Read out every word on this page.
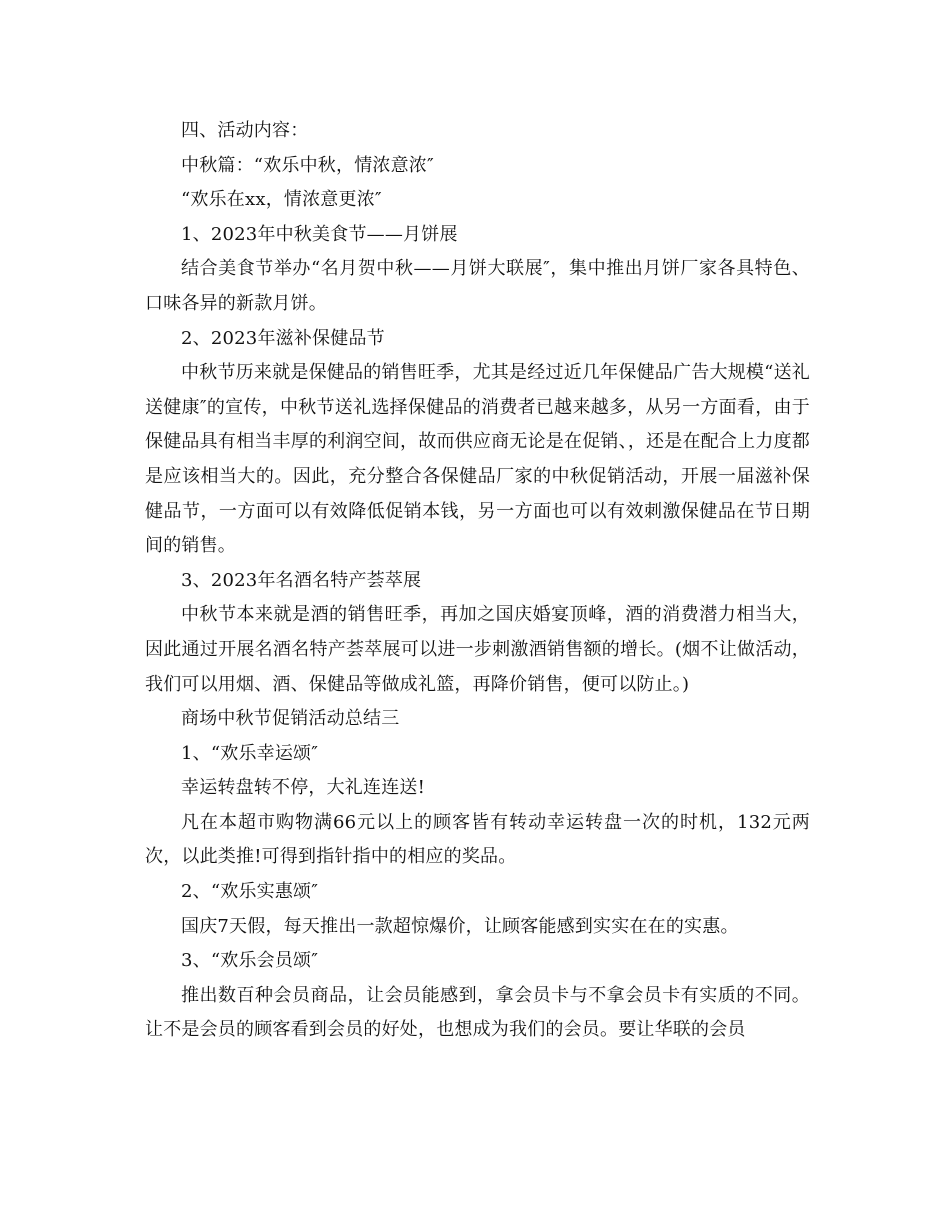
四、活动内容：
中秋篇：“欢乐中秋，情浓意浓″
“欢乐在xx，情浓意更浓″
1、2023年中秋美食节——月饼展
结合美食节举办“名月贺中秋——月饼大联展″，集中推出月饼厂家各具特色、口味各异的新款月饼。
2、2023年滋补保健品节
中秋节历来就是保健品的销售旺季，尤其是经过近几年保健品广告大规模“送礼送健康″的宣传，中秋节送礼选择保健品的消费者已越来越多，从另一方面看，由于保健品具有相当丰厚的利润空间，故而供应商无论是在促销、，还是在配合上力度都是应该相当大的。因此，充分整合各保健品厂家的中秋促销活动，开展一届滋补保健品节，一方面可以有效降低促销本钱，另一方面也可以有效刺激保健品在节日期间的销售。
3、2023年名酒名特产荟萃展
中秋节本来就是酒的销售旺季，再加之国庆婚宴顶峰，酒的消费潜力相当大，因此通过开展名酒名特产荟萃展可以进一步刺激酒销售额的增长。(烟不让做活动，我们可以用烟、酒、保健品等做成礼篮，再降价销售，便可以防止。)
商场中秋节促销活动总结三
1、“欢乐幸运颂″
幸运转盘转不停，大礼连连送!
凡在本超市购物满66元以上的顾客皆有转动幸运转盘一次的时机，132元两次，以此类推!可得到指针指中的相应的奖品。
2、“欢乐实惠颂″
国庆7天假，每天推出一款超惊爆价，让顾客能感到实实在在的实惠。
3、“欢乐会员颂″
推出数百种会员商品，让会员能感到，拿会员卡与不拿会员卡有实质的不同。让不是会员的顾客看到会员的好处，也想成为我们的会员。要让华联的会员
